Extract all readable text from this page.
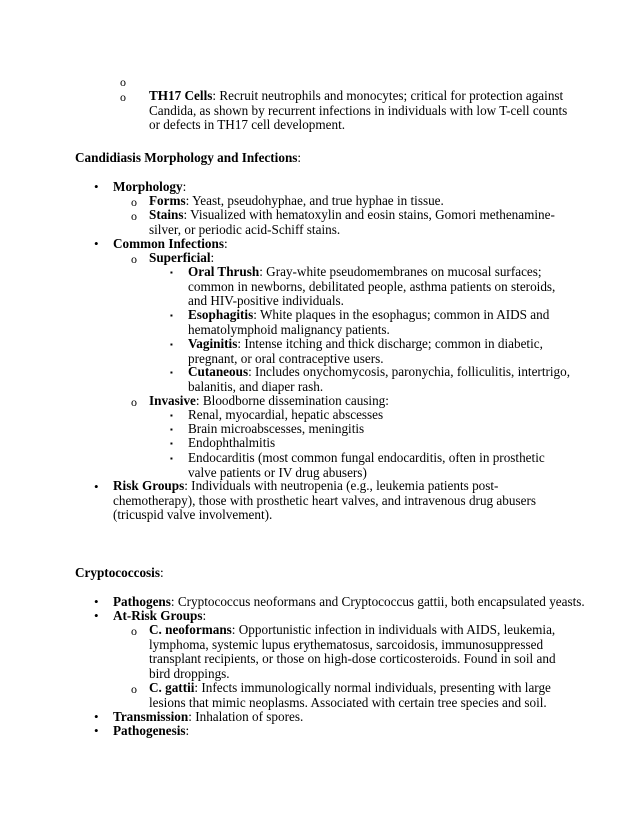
o
o TH17 Cells: Recruit neutrophils and monocytes; critical for protection against Candida, as shown by recurrent infections in individuals with low T-cell counts or defects in TH17 cell development.
Candidiasis Morphology and Infections:
• Morphology:
o Forms: Yeast, pseudohyphae, and true hyphae in tissue.
o Stains: Visualized with hematoxylin and eosin stains, Gomori methenamine-silver, or periodic acid-Schiff stains.
• Common Infections:
o Superficial:
▪ Oral Thrush: Gray-white pseudomembranes on mucosal surfaces; common in newborns, debilitated people, asthma patients on steroids, and HIV-positive individuals.
▪ Esophagitis: White plaques in the esophagus; common in AIDS and hematolymphoid malignancy patients.
▪ Vaginitis: Intense itching and thick discharge; common in diabetic, pregnant, or oral contraceptive users.
▪ Cutaneous: Includes onychomycosis, paronychia, folliculitis, intertrigo, balanitis, and diaper rash.
o Invasive: Bloodborne dissemination causing:
▪ Renal, myocardial, hepatic abscesses
▪ Brain microabscesses, meningitis
▪ Endophthalmitis
▪ Endocarditis (most common fungal endocarditis, often in prosthetic valve patients or IV drug abusers)
• Risk Groups: Individuals with neutropenia (e.g., leukemia patients post-chemotherapy), those with prosthetic heart valves, and intravenous drug abusers (tricuspid valve involvement).
Cryptococcosis:
• Pathogens: Cryptococcus neoformans and Cryptococcus gattii, both encapsulated yeasts.
• At-Risk Groups:
o C. neoformans: Opportunistic infection in individuals with AIDS, leukemia, lymphoma, systemic lupus erythematosus, sarcoidosis, immunosuppressed transplant recipients, or those on high-dose corticosteroids. Found in soil and bird droppings.
o C. gattii: Infects immunologically normal individuals, presenting with large lesions that mimic neoplasms. Associated with certain tree species and soil.
• Transmission: Inhalation of spores.
• Pathogenesis:
